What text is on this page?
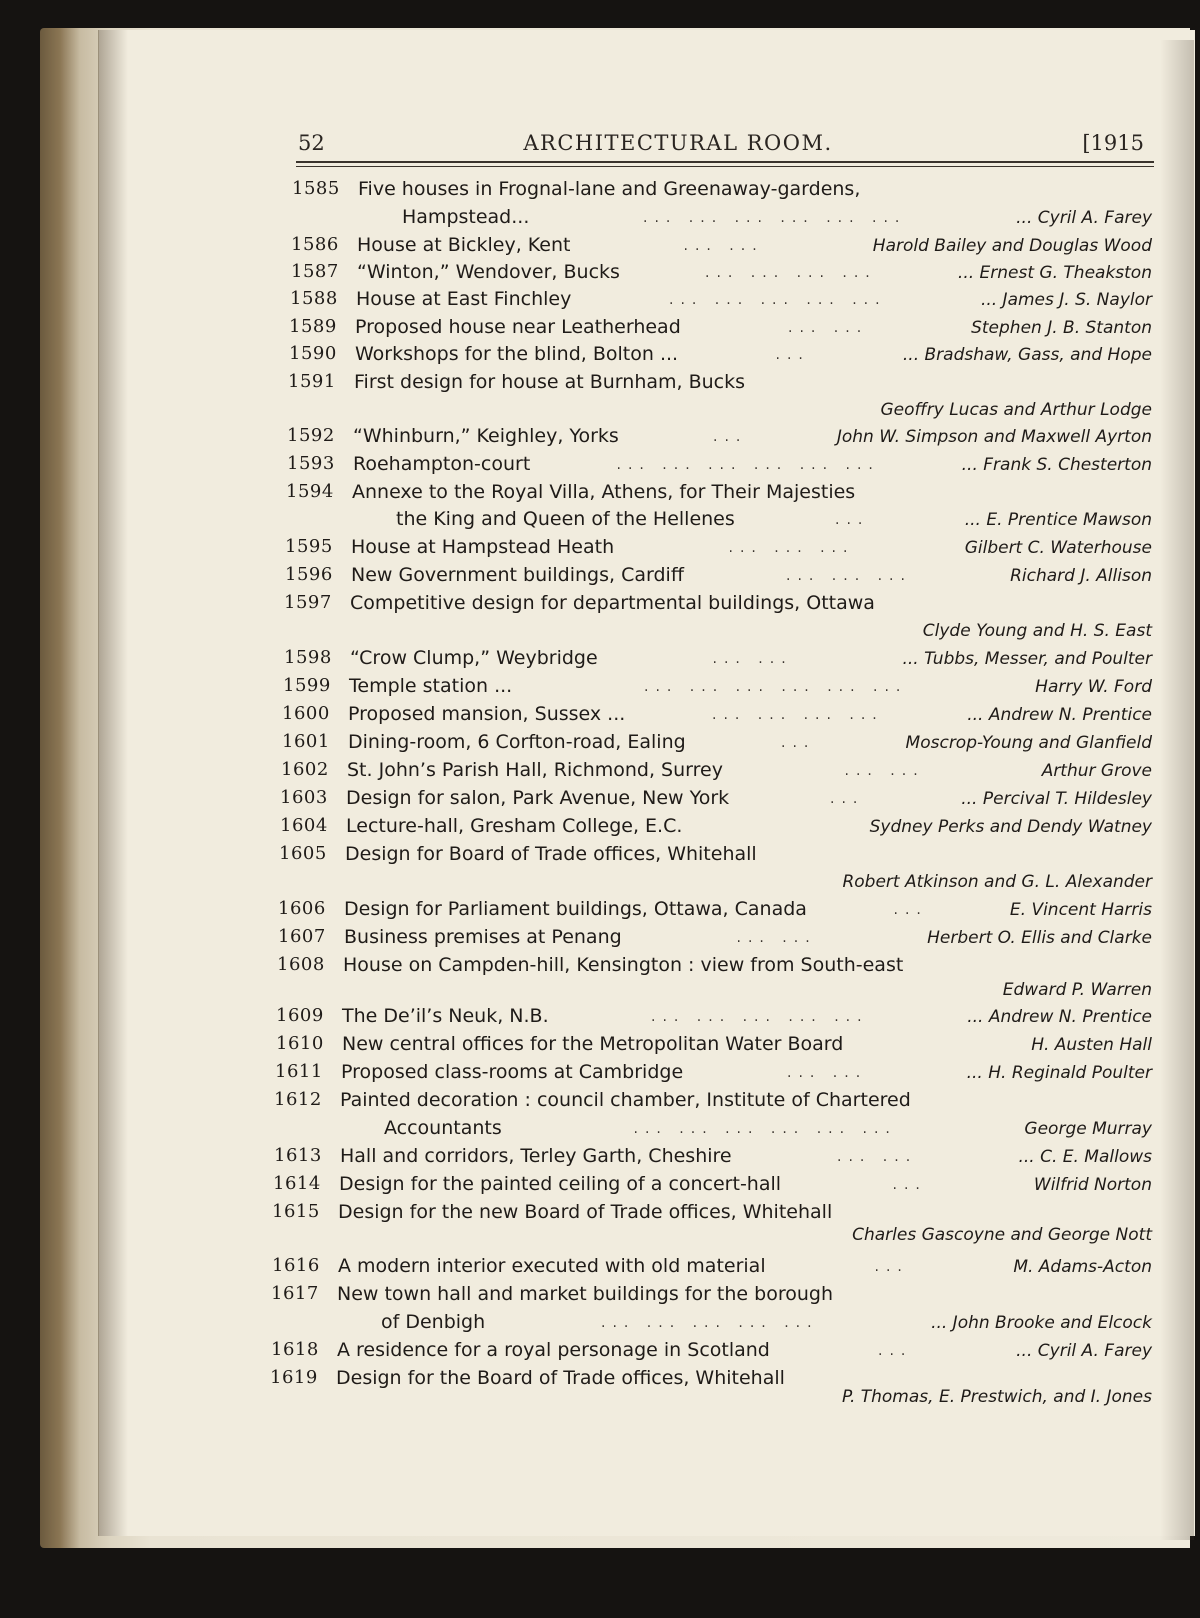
52	ARCHITECTURAL ROOM.	[1915
1585 Five houses in Frognal-lane and Greenaway-gardens,
Hampstead...	... Cyril A. Farey
... ... ... ... ... ...
1586 House at Bickley, Kent	Harold Bailey and Douglas Wood
... ...
1587 “Winton,” Wendover, Bucks	... Ernest G. Theakston
... ... ... ...
1588 House at East Finchley	... James J. S. Naylor
... ... ... ... ...
1589 Proposed house near Leatherhead	Stephen J. B. Stanton
... ...
1590 Workshops for the blind, Bolton ...	... Bradshaw, Gass, and Hope
...
1591 First design for house at Burnham, Bucks
Geoffry Lucas and Arthur Lodge
1592 “Whinburn,” Keighley, Yorks	John W. Simpson and Maxwell Ayrton
...
1593 Roehampton-court	... Frank S. Chesterton
... ... ... ... ... ...
1594 Annexe to the Royal Villa, Athens, for Their Majesties
the King and Queen of the Hellenes	... E. Prentice Mawson
...
1595 House at Hampstead Heath	Gilbert C. Waterhouse
... ... ...
1596 New Government buildings, Cardiff	Richard J. Allison
... ... ...
1597 Competitive design for departmental buildings, Ottawa
Clyde Young and H. S. East
1598 “Crow Clump,” Weybridge	... Tubbs, Messer, and Poulter
... ...
1599 Temple station ...	Harry W. Ford
... ... ... ... ... ...
1600 Proposed mansion, Sussex ...	... Andrew N. Prentice
... ... ... ...
1601 Dining-room, 6 Corfton-road, Ealing	Moscrop-Young and Glanfield
...
1602 St. John’s Parish Hall, Richmond, Surrey	Arthur Grove
... ...
1603 Design for salon, Park Avenue, New York	... Percival T. Hildesley
...
1604 Lecture-hall, Gresham College, E.C.	Sydney Perks and Dendy Watney
1605 Design for Board of Trade offices, Whitehall
Robert Atkinson and G. L. Alexander
1606 Design for Parliament buildings, Ottawa, Canada	E. Vincent Harris
...
1607 Business premises at Penang	Herbert O. Ellis and Clarke
... ...
1608 House on Campden-hill, Kensington : view from South-east
Edward P. Warren
1609 The De’il’s Neuk, N.B.	... Andrew N. Prentice
... ... ... ... ...
1610 New central offices for the Metropolitan Water Board	H. Austen Hall
1611 Proposed class-rooms at Cambridge	... H. Reginald Poulter
... ...
1612 Painted decoration : council chamber, Institute of Chartered
Accountants	George Murray
... ... ... ... ... ...
1613 Hall and corridors, Terley Garth, Cheshire	... C. E. Mallows
... ...
1614 Design for the painted ceiling of a concert-hall	Wilfrid Norton
...
1615 Design for the new Board of Trade offices, Whitehall
Charles Gascoyne and George Nott
1616 A modern interior executed with old material	M. Adams-Acton
...
1617 New town hall and market buildings for the borough
of Denbigh	... John Brooke and Elcock
... ... ... ... ...
1618 A residence for a royal personage in Scotland	... Cyril A. Farey
...
1619 Design for the Board of Trade offices, Whitehall
P. Thomas, E. Prestwich, and I. Jones
